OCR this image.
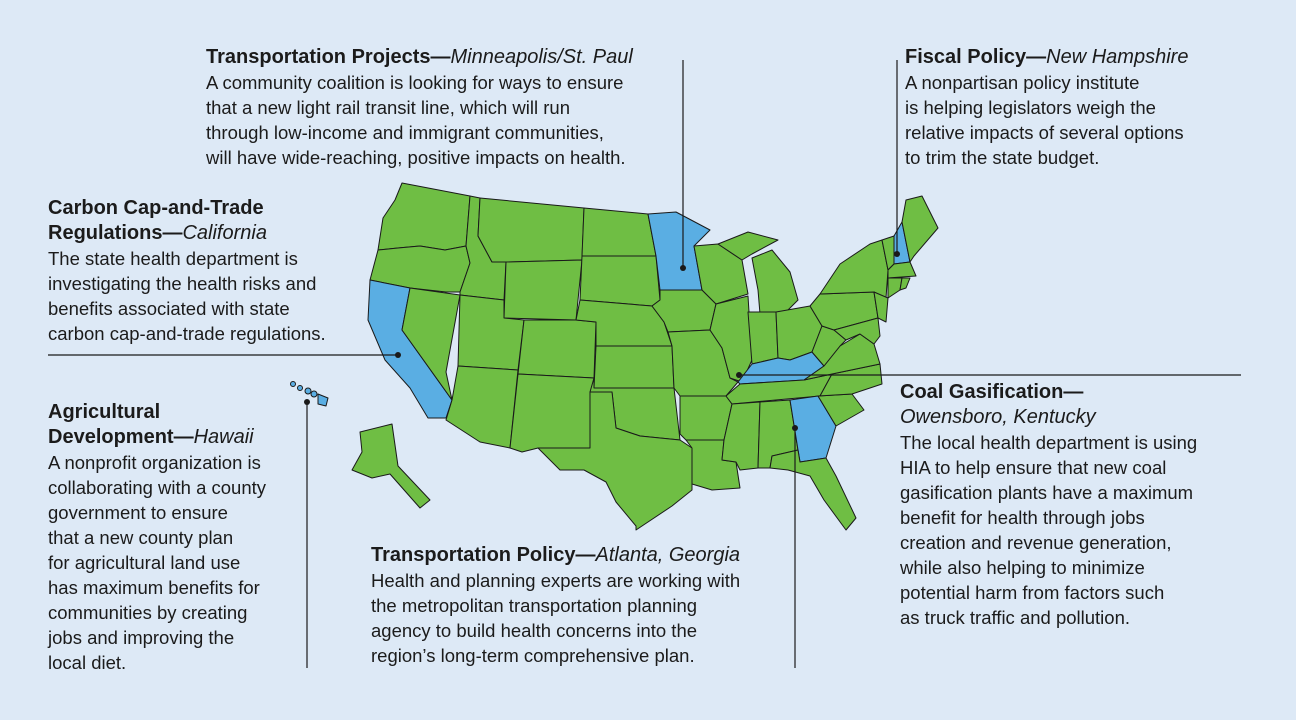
Transportation Projects—Minneapolis/St. Paul
A community coalition is looking for ways to ensure
that a new light rail transit line, which will run
through low-income and immigrant communities,
will have wide-reaching, positive impacts on health.
Fiscal Policy—New Hampshire
A nonpartisan policy institute
is helping legislators weigh the
relative impacts of several options
to trim the state budget.
Carbon Cap-and-Trade
Regulations—California
The state health department is
investigating the health risks and
benefits associated with state
carbon cap-and-trade regulations.
Agricultural
Development—Hawaii
A nonprofit organization is
collaborating with a county
government to ensure
that a new county plan
for agricultural land use
has maximum benefits for
communities by creating
jobs and improving the
local diet.
Coal Gasification—
Owensboro, Kentucky
The local health department is using
HIA to help ensure that new coal
gasification plants have a maximum
benefit for health through jobs
creation and revenue generation,
while also helping to minimize
potential harm from factors such
as truck traffic and pollution.
Transportation Policy—Atlanta, Georgia
Health and planning experts are working with
the metropolitan transportation planning
agency to build health concerns into the
region’s long-term comprehensive plan.
